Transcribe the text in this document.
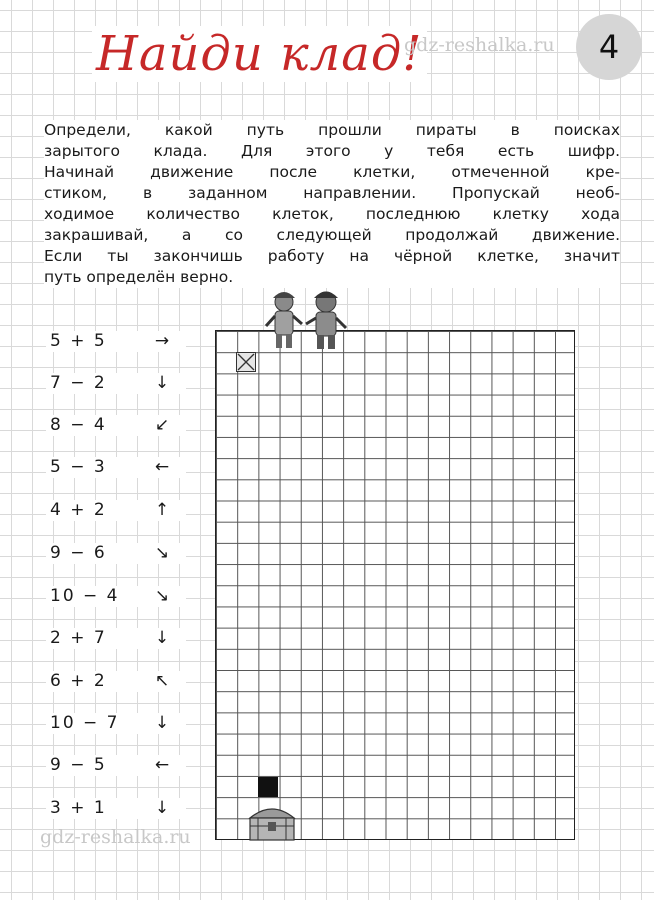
Найди клад!
gdz-reshalka.ru 4
Определи, какой путь прошли пираты в поисках
зарытого клада. Для этого у тебя есть шифр.
Начинай движение после клетки, отмеченной кре-
стиком, в заданном направлении. Пропускай необ-
ходимое количество клеток, последнюю клетку хода
закрашивай, а со следующей продолжай движение.
Если ты закончишь работу на чёрной клетке, значит
путь определён верно.
5 + 5	→
7 − 2	↓
8 − 4	↙
5 − 3	←
4 + 2	↑
9 − 6	↘
10 − 4 ↘
2 + 7	↓
6 + 2	↖
10 − 7 ↓
9 − 5	←
3 + 1	↓
gdz-reshalka.ru
